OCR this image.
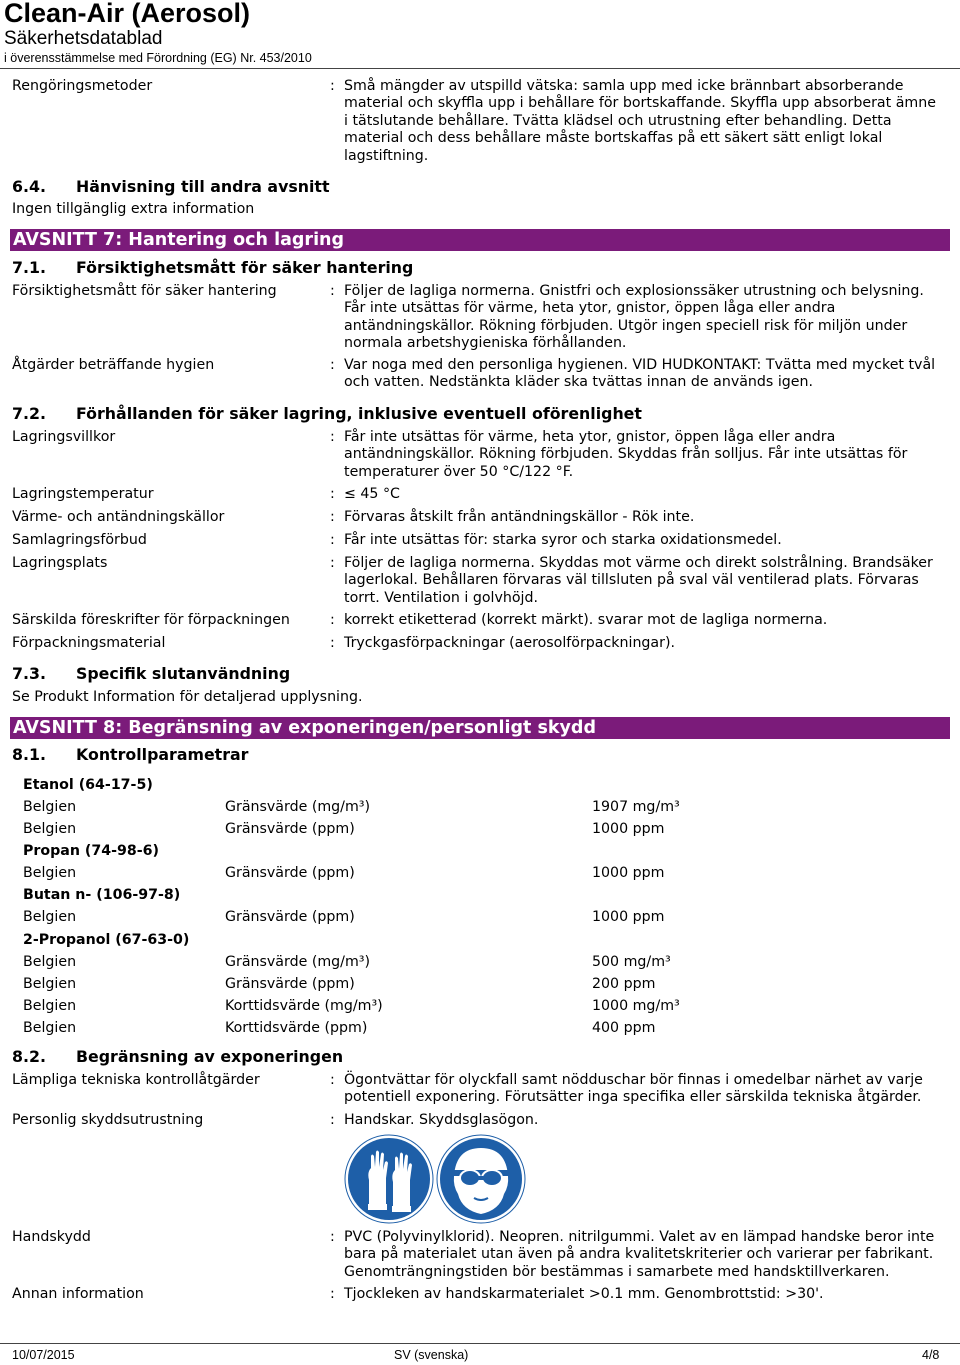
Clean-Air (Aerosol)
Säkerhetsdatablad
i överensstämmelse med Förordning (EG) Nr. 453/2010
Rengöringsmetoder	: Små mängder av utspilld vätska: samla upp med icke brännbart absorberande material och skyffla upp i behållare för bortskaffande. Skyffla upp absorberat ämne i tätslutande behållare. Tvätta klädsel och utrustning efter behandling. Detta material och dess behållare måste bortskaffas på ett säkert sätt enligt lokal lagstiftning.
6.4. Hänvisning till andra avsnitt
Ingen tillgänglig extra information
AVSNITT 7: Hantering och lagring
7.1. Försiktighetsmått för säker hantering
Försiktighetsmått för säker hantering	: Följer de lagliga normerna. Gnistfri och explosionssäker utrustning och belysning. Får inte utsättas för värme, heta ytor, gnistor, öppen låga eller andra antändningskällor. Rökning förbjuden. Utgör ingen speciell risk för miljön under normala arbetshygieniska förhållanden.
Åtgärder beträffande hygien	: Var noga med den personliga hygienen. VID HUDKONTAKT: Tvätta med mycket tvål och vatten. Nedstänkta kläder ska tvättas innan de används igen.
7.2. Förhållanden för säker lagring, inklusive eventuell oförenlighet
Lagringsvillkor	: Får inte utsättas för värme, heta ytor, gnistor, öppen låga eller andra antändningskällor. Rökning förbjuden. Skyddas från solljus. Får inte utsättas för temperaturer över 50 °C/122 °F.
Lagringstemperatur	: ≤ 45 °C
Värme- och antändningskällor	: Förvaras åtskilt från antändningskällor - Rök inte.
Samlagringsförbud	: Får inte utsättas för: starka syror och starka oxidationsmedel.
Lagringsplats	: Följer de lagliga normerna. Skyddas mot värme och direkt solstrålning. Brandsäker lagerlokal. Behållaren förvaras väl tillsluten på sval väl ventilerad plats. Förvaras torrt. Ventilation i golvhöjd.
Särskilda föreskrifter för förpackningen	: korrekt etiketterad (korrekt märkt). svarar mot de lagliga normerna.
Förpackningsmaterial	: Tryckgasförpackningar (aerosolförpackningar).
7.3. Specifik slutanvändning
Se Produkt Information för detaljerad upplysning.
AVSNITT 8: Begränsning av exponeringen/personligt skydd
8.1. Kontrollparametrar
Etanol (64-17-5)
Belgien	Gränsvärde (mg/m³)	1907 mg/m³
Belgien	Gränsvärde (ppm)	1000 ppm
Propan (74-98-6)
Belgien	Gränsvärde (ppm)	1000 ppm
Butan n- (106-97-8)
Belgien	Gränsvärde (ppm)	1000 ppm
2-Propanol (67-63-0)
Belgien	Gränsvärde (mg/m³)	500 mg/m³
Belgien	Gränsvärde (ppm)	200 ppm
Belgien	Korttidsvärde (mg/m³)	1000 mg/m³
Belgien	Korttidsvärde (ppm)	400 ppm
8.2. Begränsning av exponeringen
Lämpliga tekniska kontrollåtgärder	: Ögontvättar för olyckfall samt nödduschar bör finnas i omedelbar närhet av varje potentiell exponering. Förutsätter inga specifika eller särskilda tekniska åtgärder.
Personlig skyddsutrustning	: Handskar. Skyddsglasögon.
Handskydd	: PVC (Polyvinylklorid). Neopren. nitrilgummi. Valet av en lämpad handske beror inte bara på materialet utan även på andra kvalitetskriterier och varierar per fabrikant. Genomträngningstiden bör bestämmas i samarbete med handsktillverkaren.
Annan information	: Tjockleken av handskarmaterialet >0.1 mm. Genombrottstid: >30'.
10/07/2015	SV (svenska)	4/8
